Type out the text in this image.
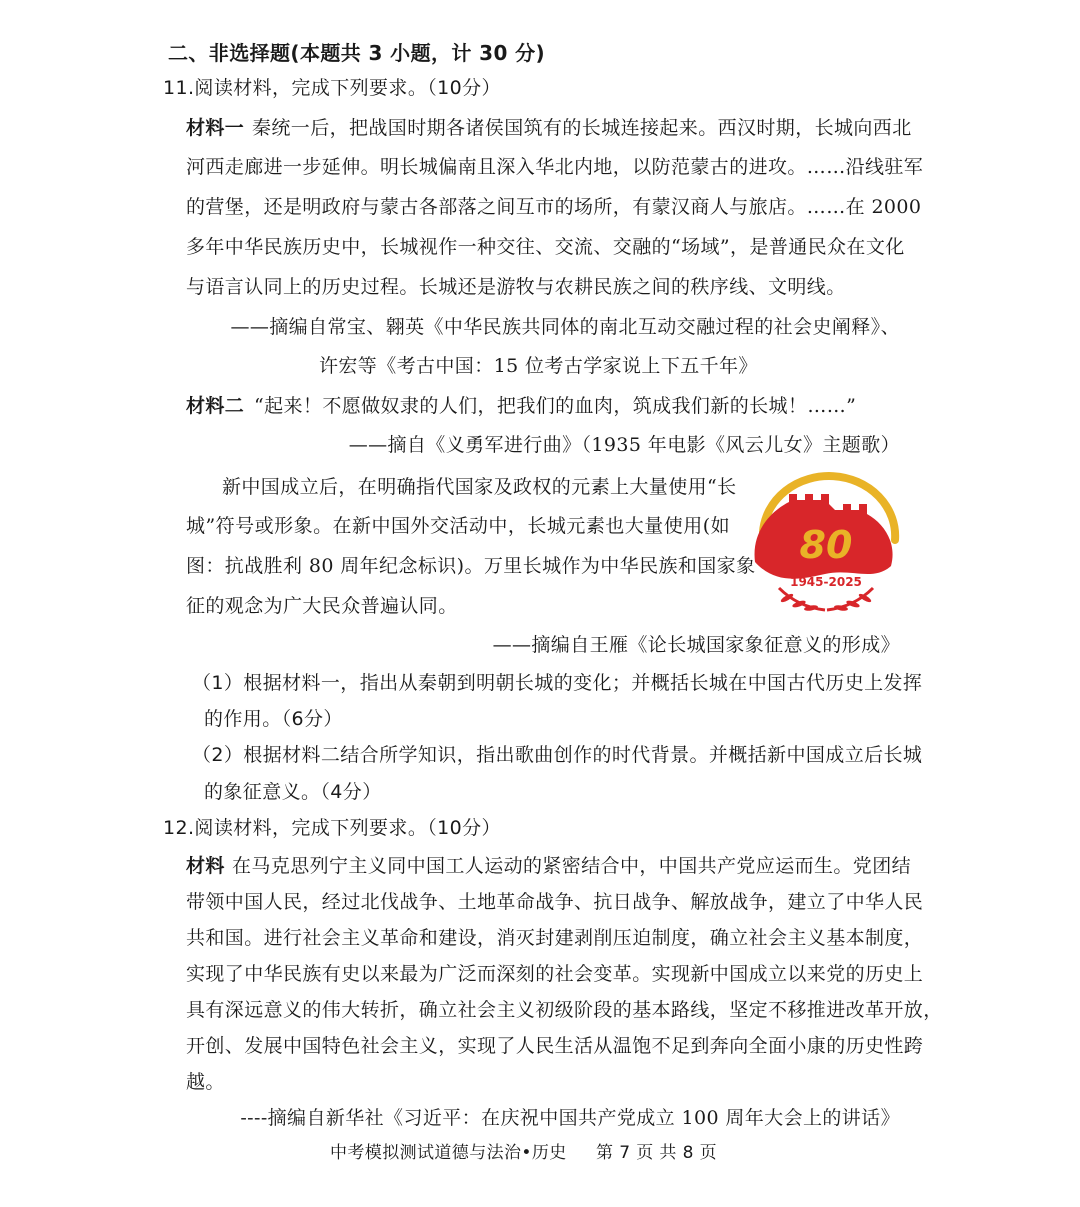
二、非选择题(本题共 3 小题，计 30 分)
11.阅读材料，完成下列要求。（10分）
材料一 秦统一后，把战国时期各诸侯国筑有的长城连接起来。西汉时期，长城向西北
河西走廊进一步延伸。明长城偏南且深入华北内地，以防范蒙古的进攻。……沿线驻军
的营堡，还是明政府与蒙古各部落之间互市的场所，有蒙汉商人与旅店。……在 2000
多年中华民族历史中，长城视作一种交往、交流、交融的“场域”，是普通民众在文化
与语言认同上的历史过程。长城还是游牧与农耕民族之间的秩序线、文明线。
——摘编自常宝、翱英《中华民族共同体的南北互动交融过程的社会史阐释》、
许宏等《考古中国：15 位考古学家说上下五千年》
材料二 “起来！不愿做奴隶的人们，把我们的血肉，筑成我们新的长城！……”
——摘自《义勇军进行曲》（1935 年电影《风云儿女》主题歌）
新中国成立后，在明确指代国家及政权的元素上大量使用“长
城”符号或形象。在新中国外交活动中，长城元素也大量使用(如
图：抗战胜利 80 周年纪念标识)。万里长城作为中华民族和国家象
征的观念为广大民众普遍认同。
80
1945-2025
——摘编自王雁《论长城国家象征意义的形成》
（1）根据材料一，指出从秦朝到明朝长城的变化；并概括长城在中国古代历史上发挥
的作用。（6分）
（2）根据材料二结合所学知识，指出歌曲创作的时代背景。并概括新中国成立后长城
的象征意义。（4分）
12.阅读材料，完成下列要求。（10分）
材料 在马克思列宁主义同中国工人运动的紧密结合中，中国共产党应运而生。党团结
带领中国人民，经过北伐战争、土地革命战争、抗日战争、解放战争，建立了中华人民
共和国。进行社会主义革命和建设，消灭封建剥削压迫制度，确立社会主义基本制度，
实现了中华民族有史以来最为广泛而深刻的社会变革。实现新中国成立以来党的历史上
具有深远意义的伟大转折，确立社会主义初级阶段的基本路线，坚定不移推进改革开放，
开创、发展中国特色社会主义，实现了人民生活从温饱不足到奔向全面小康的历史性跨
越。
----摘编自新华社《习近平：在庆祝中国共产党成立 100 周年大会上的讲话》
中考模拟测试道德与法治•历史 第 7 页 共 8 页
